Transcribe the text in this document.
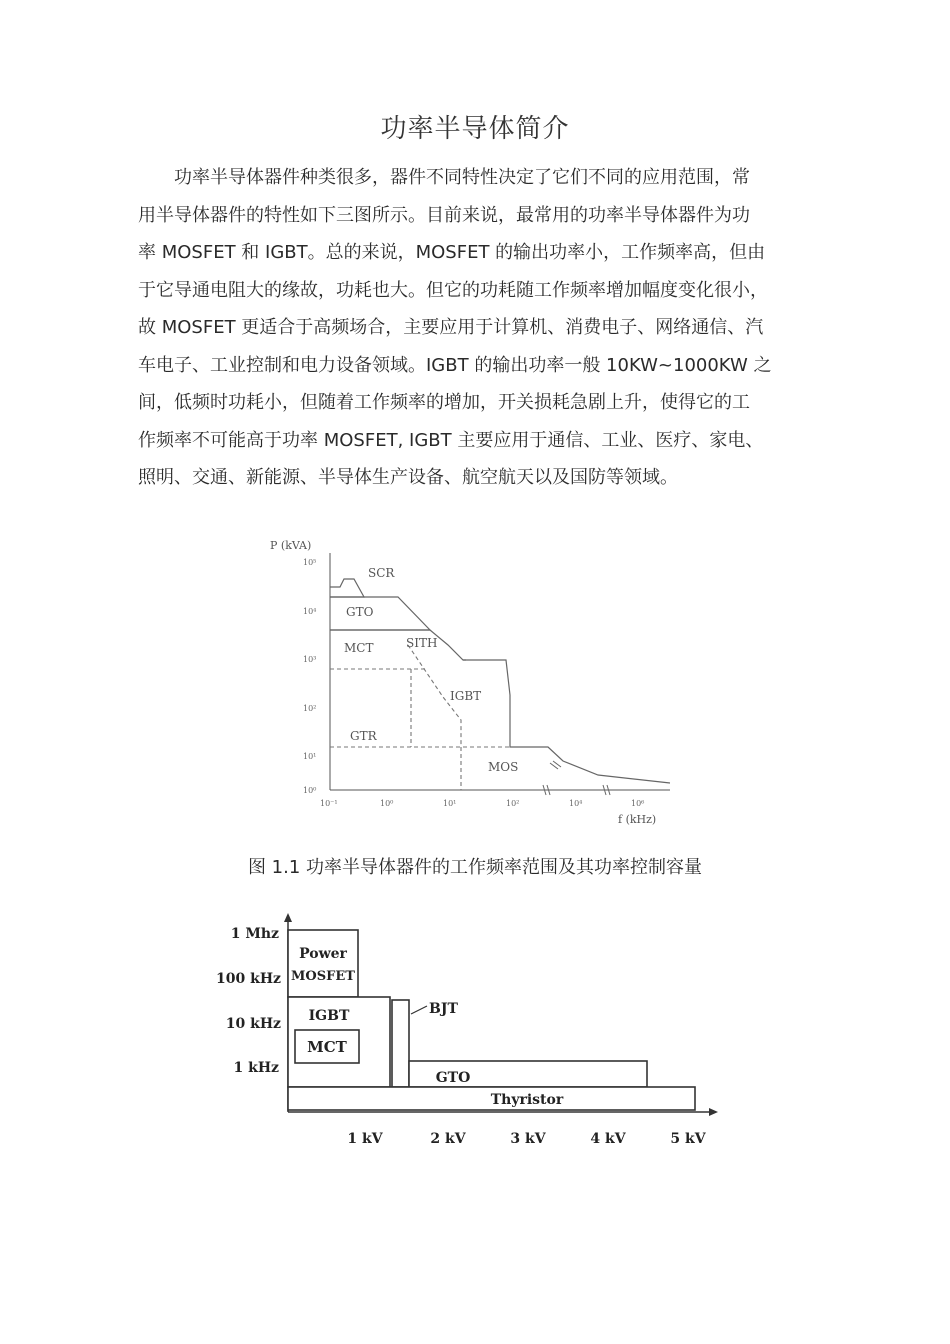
功率半导体简介
　　功率半导体器件种类很多，器件不同特性决定了它们不同的应用范围，常
用半导体器件的特性如下三图所示。目前来说，最常用的功率半导体器件为功
率 MOSFET 和 IGBT。总的来说，MOSFET 的输出功率小，工作频率高，但由
于它导通电阻大的缘故，功耗也大。但它的功耗随工作频率增加幅度变化很小，
故 MOSFET 更适合于高频场合，主要应用于计算机、消费电子、网络通信、汽
车电子、工业控制和电力设备领域。IGBT 的输出功率一般 10KW~1000KW 之
间，低频时功耗小，但随着工作频率的增加，开关损耗急剧上升，使得它的工
作频率不可能高于功率 MOSFET, IGBT 主要应用于通信、工业、医疗、家电、
照明、交通、新能源、半导体生产设备、航空航天以及国防等领域。
P (kVA)
f (kHz)
10⁵
10⁴
10³
10²
10¹
10⁰
10⁻¹	10⁰	10¹	10²	10⁴	10⁶
SCR
GTO
MCT	SITH
IGBT
GTR
MOS
图 1.1 功率半导体器件的工作频率范围及其功率控制容量
1 Mhz
100 kHz
10 kHz
1 kHz
Power
MOSFET
IGBT
MCT
BJT
GTO
Thyristor
1 kV	2 kV	3 kV	4 kV	5 kV
